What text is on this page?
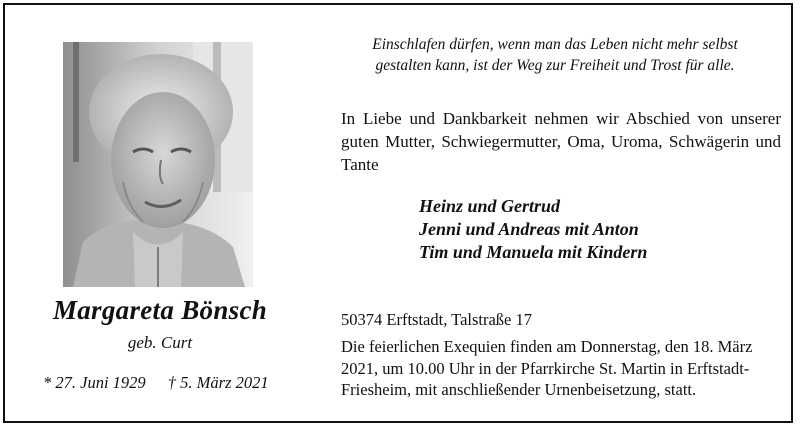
Margareta Bönsch
geb. Curt
* 27. Juni 1929 † 5. März 2021
Einschlafen dürfen, wenn man das Leben nicht mehr selbst
gestalten kann, ist der Weg zur Freiheit und Trost für alle.
In Liebe und Dankbarkeit nehmen wir Abschied von unserer guten Mutter, Schwiegermutter, Oma, Uroma, Schwägerin und Tante
Heinz und Gertrud
Jenni und Andreas mit Anton
Tim und Manuela mit Kindern
50374 Erftstadt, Talstraße 17
Die feierlichen Exequien finden am Donnerstag, den 18. März 2021, um 10.00 Uhr in der Pfarrkirche St. Martin in Erftstadt-Friesheim, mit anschließender Urnenbeisetzung, statt.
